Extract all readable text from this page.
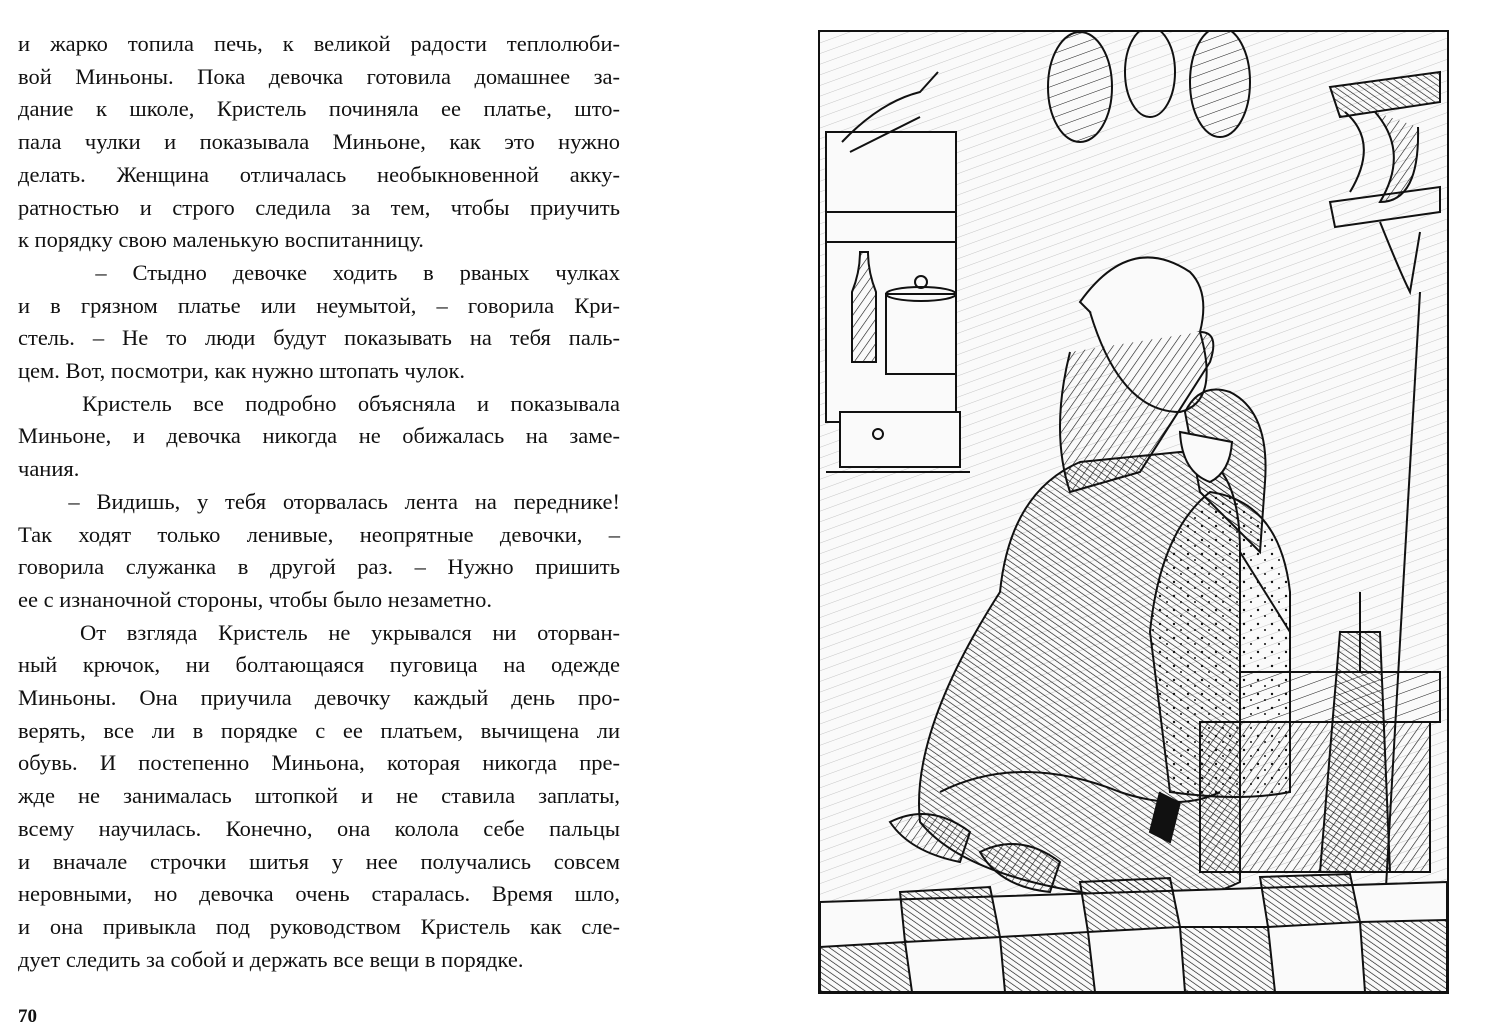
и жарко топила печь, к великой радости теплолюби-

вой Миньоны. Пока девочка готовила домашнее за-

дание к школе, Кристель починяла ее платье, што-

пала чулки и показывала Миньоне, как это нужно

делать. Женщина отличалась необыкновенной акку-

ратностью и строго следила за тем, чтобы приучить

к порядку свою маленькую воспитанницу.

– Стыдно девочке ходить в рваных чулках

и в грязном платье или неумытой, – говорила Кри-

стель. – Не то люди будут показывать на тебя паль-

цем. Вот, посмотри, как нужно штопать чулок.

Кристель все подробно объясняла и показывала

Миньоне, и девочка никогда не обижалась на заме-

чания.

– Видишь, у тебя оторвалась лента на переднике!

Так ходят только ленивые, неопрятные девочки, –

говорила служанка в другой раз. – Нужно пришить

ее с изнаночной стороны, чтобы было незаметно.

От взгляда Кристель не укрывался ни оторван-

ный крючок, ни болтающаяся пуговица на одежде

Миньоны. Она приучила девочку каждый день про-

верять, все ли в порядке с ее платьем, вычищена ли

обувь. И постепенно Миньона, которая никогда пре-

жде не занималась штопкой и не ставила заплаты,

всему научилась. Конечно, она колола себе пальцы

и вначале строчки шитья у нее получались совсем

неровными, но девочка очень старалась. Время шло,

и она привыкла под руководством Кристель как сле-

дует следить за собой и держать все вещи в порядке.

70
